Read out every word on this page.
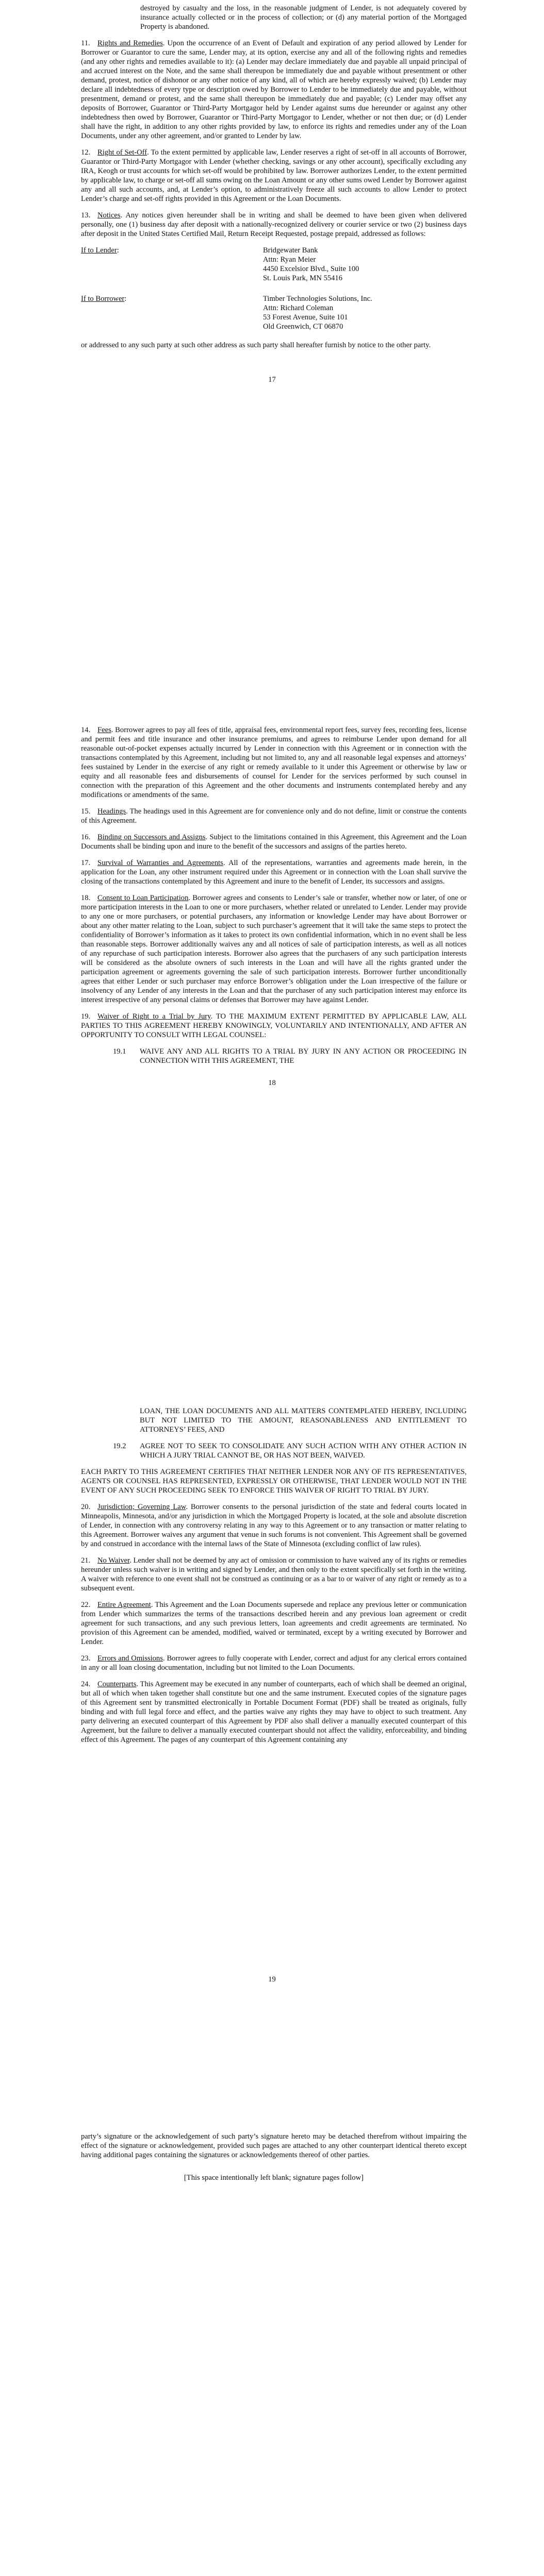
destroyed by casualty and the loss, in the reasonable judgment of Lender, is not adequately covered by insurance actually collected or in the process of collection; or (d) any material portion of the Mortgaged Property is abandoned.

11. Rights and Remedies. Upon the occurrence of an Event of Default and expiration of any period allowed by Lender for Borrower or Guarantor to cure the same, Lender may, at its option, exercise any and all of the following rights and remedies (and any other rights and remedies available to it): (a) Lender may declare immediately due and payable all unpaid principal of and accrued interest on the Note, and the same shall thereupon be immediately due and payable without presentment or other demand, protest, notice of dishonor or any other notice of any kind, all of which are hereby expressly waived; (b) Lender may declare all indebtedness of every type or description owed by Borrower to Lender to be immediately due and payable, without presentment, demand or protest, and the same shall thereupon be immediately due and payable; (c) Lender may offset any deposits of Borrower, Guarantor or Third-Party Mortgagor held by Lender against sums due hereunder or against any other indebtedness then owed by Borrower, Guarantor or Third-Party Mortgagor to Lender, whether or not then due; or (d) Lender shall have the right, in addition to any other rights provided by law, to enforce its rights and remedies under any of the Loan Documents, under any other agreement, and/or granted to Lender by law.

12. Right of Set-Off. To the extent permitted by applicable law, Lender reserves a right of set-off in all accounts of Borrower, Guarantor or Third-Party Mortgagor with Lender (whether checking, savings or any other account), specifically excluding any IRA, Keogh or trust accounts for which set-off would be prohibited by law. Borrower authorizes Lender, to the extent permitted by applicable law, to charge or set-off all sums owing on the Loan Amount or any other sums owed Lender by Borrower against any and all such accounts, and, at Lender’s option, to administratively freeze all such accounts to allow Lender to protect Lender’s charge and set-off rights provided in this Agreement or the Loan Documents.

13. Notices. Any notices given hereunder shall be in writing and shall be deemed to have been given when delivered personally, one (1) business day after deposit with a nationally-recognized delivery or courier service or two (2) business days after deposit in the United States Certified Mail, Return Receipt Requested, postage prepaid, addressed as follows:

If to Lender:	Bridgewater Bank
Attn: Ryan Meier
4450 Excelsior Blvd., Suite 100
St. Louis Park, MN 55416
If to Borrower:	Timber Technologies Solutions, Inc.
Attn: Richard Coleman
53 Forest Avenue, Suite 101
Old Greenwich, CT 06870

or addressed to any such party at such other address as such party shall hereafter furnish by notice to the other party.

17

14. Fees. Borrower agrees to pay all fees of title, appraisal fees, environmental report fees, survey fees, recording fees, license and permit fees and title insurance and other insurance premiums, and agrees to reimburse Lender upon demand for all reasonable out-of-pocket expenses actually incurred by Lender in connection with this Agreement or in connection with the transactions contemplated by this Agreement, including but not limited to, any and all reasonable legal expenses and attorneys’ fees sustained by Lender in the exercise of any right or remedy available to it under this Agreement or otherwise by law or equity and all reasonable fees and disbursements of counsel for Lender for the services performed by such counsel in connection with the preparation of this Agreement and the other documents and instruments contemplated hereby and any modifications or amendments of the same.

15. Headings. The headings used in this Agreement are for convenience only and do not define, limit or construe the contents of this Agreement.

16. Binding on Successors and Assigns. Subject to the limitations contained in this Agreement, this Agreement and the Loan Documents shall be binding upon and inure to the benefit of the successors and assigns of the parties hereto.

17. Survival of Warranties and Agreements. All of the representations, warranties and agreements made herein, in the application for the Loan, any other instrument required under this Agreement or in connection with the Loan shall survive the closing of the transactions contemplated by this Agreement and inure to the benefit of Lender, its successors and assigns.

18. Consent to Loan Participation. Borrower agrees and consents to Lender’s sale or transfer, whether now or later, of one or more participation interests in the Loan to one or more purchasers, whether related or unrelated to Lender. Lender may provide to any one or more purchasers, or potential purchasers, any information or knowledge Lender may have about Borrower or about any other matter relating to the Loan, subject to such purchaser’s agreement that it will take the same steps to protect the confidentiality of Borrower’s information as it takes to protect its own confidential information, which in no event shall be less than reasonable steps. Borrower additionally waives any and all notices of sale of participation interests, as well as all notices of any repurchase of such participation interests. Borrower also agrees that the purchasers of any such participation interests will be considered as the absolute owners of such interests in the Loan and will have all the rights granted under the participation agreement or agreements governing the sale of such participation interests. Borrower further unconditionally agrees that either Lender or such purchaser may enforce Borrower’s obligation under the Loan irrespective of the failure or insolvency of any Lender of any interests in the Loan and that the purchaser of any such participation interest may enforce its interest irrespective of any personal claims or defenses that Borrower may have against Lender.

19. Waiver of Right to a Trial by Jury. TO THE MAXIMUM EXTENT PERMITTED BY APPLICABLE LAW, ALL PARTIES TO THIS AGREEMENT HEREBY KNOWINGLY, VOLUNTARILY AND INTENTIONALLY, AND AFTER AN OPPORTUNITY TO CONSULT WITH LEGAL COUNSEL:

19.1	WAIVE ANY AND ALL RIGHTS TO A TRIAL BY JURY IN ANY ACTION OR PROCEEDING IN CONNECTION WITH THIS AGREEMENT, THE
18

LOAN, THE LOAN DOCUMENTS AND ALL MATTERS CONTEMPLATED HEREBY, INCLUDING BUT NOT LIMITED TO THE AMOUNT, REASONABLENESS AND ENTITLEMENT TO ATTORNEYS’ FEES, AND

19.2	AGREE NOT TO SEEK TO CONSOLIDATE ANY SUCH ACTION WITH ANY OTHER ACTION IN WHICH A JURY TRIAL CANNOT BE, OR HAS NOT BEEN, WAIVED.

EACH PARTY TO THIS AGREEMENT CERTIFIES THAT NEITHER LENDER NOR ANY OF ITS REPRESENTATIVES, AGENTS OR COUNSEL HAS REPRESENTED, EXPRESSLY OR OTHERWISE, THAT LENDER WOULD NOT IN THE EVENT OF ANY SUCH PROCEEDING SEEK TO ENFORCE THIS WAIVER OF RIGHT TO TRIAL BY JURY.

20. Jurisdiction; Governing Law. Borrower consents to the personal jurisdiction of the state and federal courts located in Minneapolis, Minnesota, and/or any jurisdiction in which the Mortgaged Property is located, at the sole and absolute discretion of Lender, in connection with any controversy relating in any way to this Agreement or to any transaction or matter relating to this Agreement. Borrower waives any argument that venue in such forums is not convenient. This Agreement shall be governed by and construed in accordance with the internal laws of the State of Minnesota (excluding conflict of law rules).

21. No Waiver. Lender shall not be deemed by any act of omission or commission to have waived any of its rights or remedies hereunder unless such waiver is in writing and signed by Lender, and then only to the extent specifically set forth in the writing. A waiver with reference to one event shall not be construed as continuing or as a bar to or waiver of any right or remedy as to a subsequent event.

22. Entire Agreement. This Agreement and the Loan Documents supersede and replace any previous letter or communication from Lender which summarizes the terms of the transactions described herein and any previous loan agreement or credit agreement for such transactions, and any such previous letters, loan agreements and credit agreements are terminated. No provision of this Agreement can be amended, modified, waived or terminated, except by a writing executed by Borrower and Lender.

23. Errors and Omissions. Borrower agrees to fully cooperate with Lender, correct and adjust for any clerical errors contained in any or all loan closing documentation, including but not limited to the Loan Documents.

24. Counterparts. This Agreement may be executed in any number of counterparts, each of which shall be deemed an original, but all of which when taken together shall constitute but one and the same instrument. Executed copies of the signature pages of this Agreement sent by transmitted electronically in Portable Document Format (PDF) shall be treated as originals, fully binding and with full legal force and effect, and the parties waive any rights they may have to object to such treatment. Any party delivering an executed counterpart of this Agreement by PDF also shall deliver a manually executed counterpart of this Agreement, but the failure to deliver a manually executed counterpart should not affect the validity, enforceability, and binding effect of this Agreement. The pages of any counterpart of this Agreement containing any

19

party’s signature or the acknowledgement of such party’s signature hereto may be detached therefrom without impairing the effect of the signature or acknowledgement, provided such pages are attached to any other counterpart identical thereto except having additional pages containing the signatures or acknowledgements thereof of other parties.

[This space intentionally left blank; signature pages follow]
